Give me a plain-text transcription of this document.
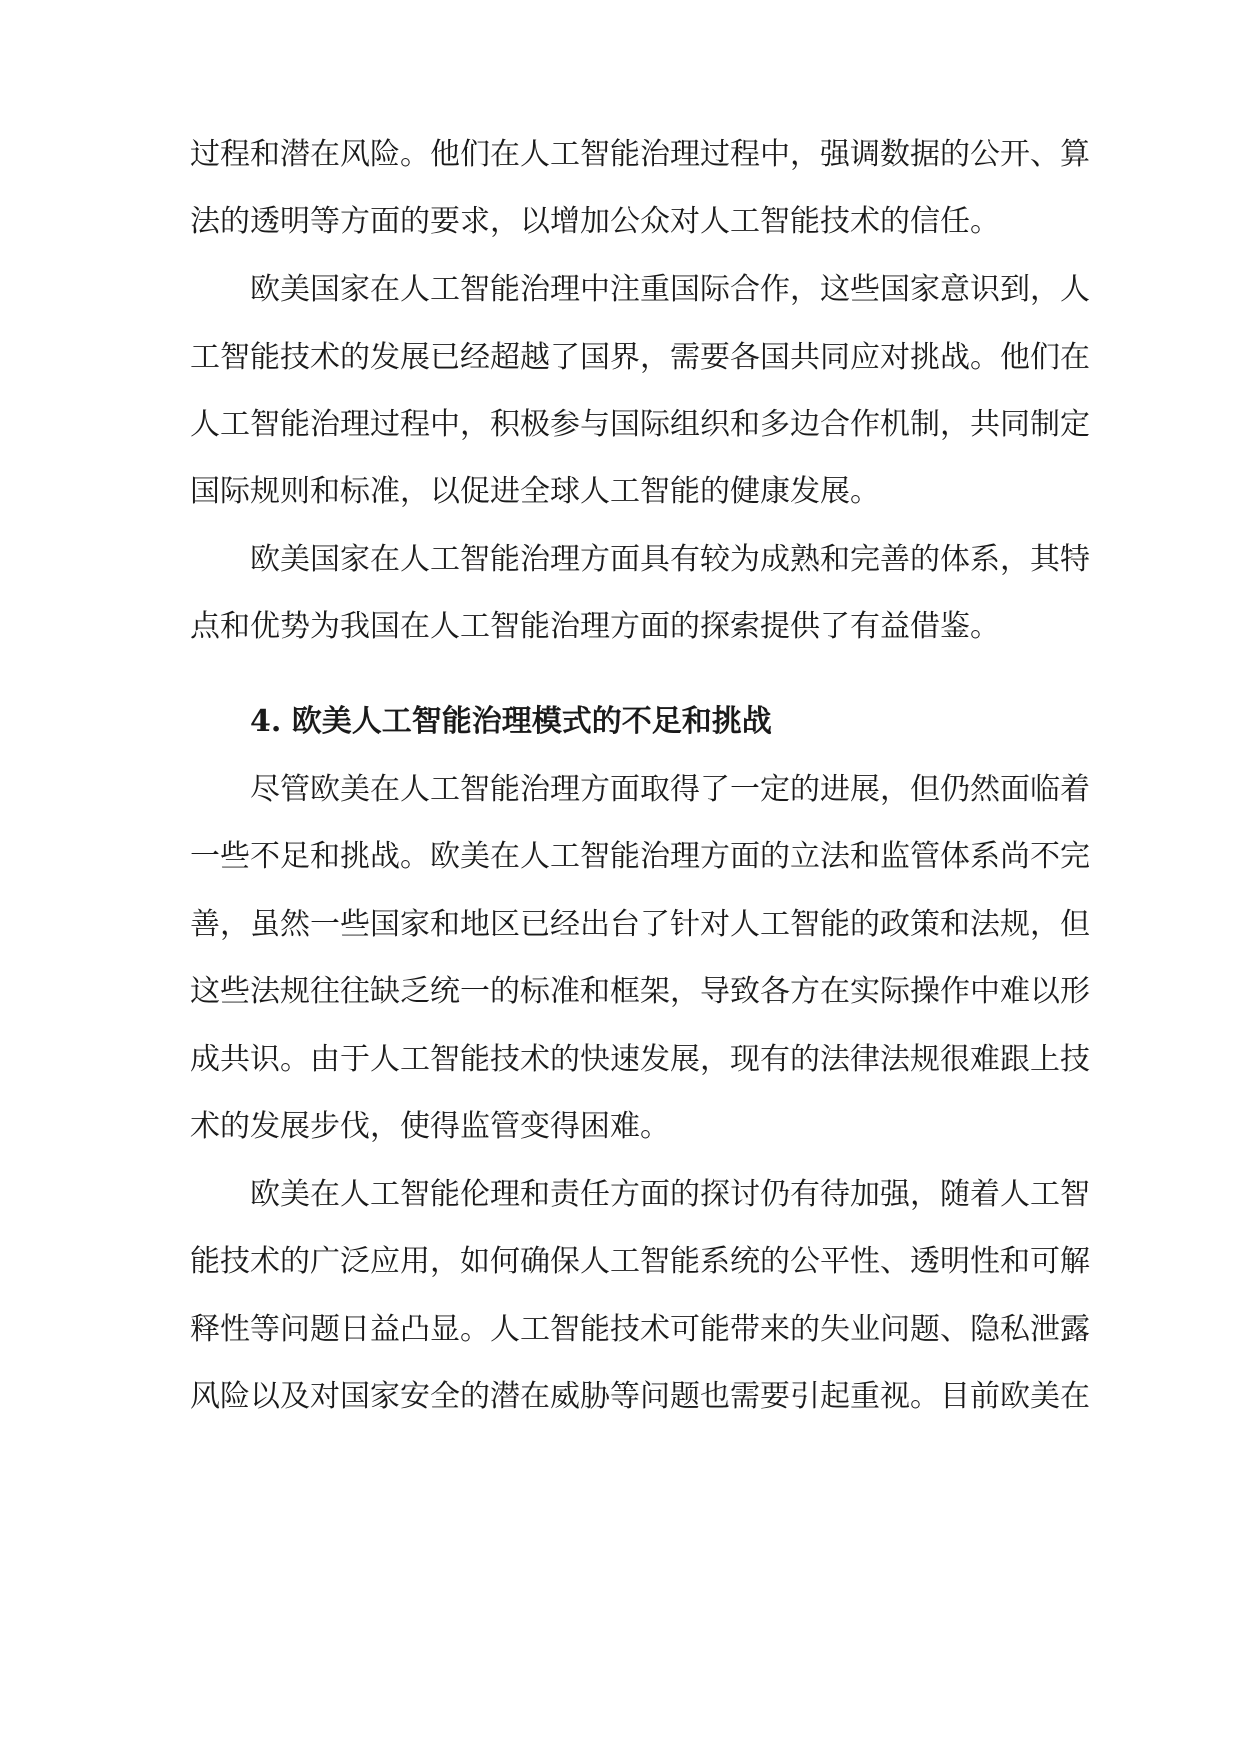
过 程 和 潜 在 风 险 。 他 们 在 人 工 智 能 治 理 过 程 中 ， 强 调 数 据 的 公 开 、 算
法的透明等方面的要求，以增加公众对人工智能技术的信任。
欧 美 国 家 在 人 工 智 能 治 理 中 注 重 国 际 合 作 ， 这 些 国 家 意 识 到 ， 人
工 智 能 技 术 的 发 展 已 经 超 越 了 国 界 ， 需 要 各 国 共 同 应 对 挑 战 。 他 们 在
人 工 智 能 治 理 过 程 中 ， 积 极 参 与 国 际 组 织 和 多 边 合 作 机 制 ， 共 同 制 定
国际规则和标准，以促进全球人工智能的健康发展。
欧 美 国 家 在 人 工 智 能 治 理 方 面 具 有 较 为 成 熟 和 完 善 的 体 系 ， 其 特
点和优势为我国在人工智能治理方面的探索提供了有益借鉴。
4. 欧美人工智能治理模式的不足和挑战
尽 管 欧 美 在 人 工 智 能 治 理 方 面 取 得 了 一 定 的 进 展 ， 但 仍 然 面 临 着
一 些 不 足 和 挑 战 。 欧 美 在 人 工 智 能 治 理 方 面 的 立 法 和 监 管 体 系 尚 不 完
善 ， 虽 然 一 些 国 家 和 地 区 已 经 出 台 了 针 对 人 工 智 能 的 政 策 和 法 规 ， 但
这 些 法 规 往 往 缺 乏 统 一 的 标 准 和 框 架 ， 导 致 各 方 在 实 际 操 作 中 难 以 形
成 共 识 。 由 于 人 工 智 能 技 术 的 快 速 发 展 ， 现 有 的 法 律 法 规 很 难 跟 上 技
术的发展步伐，使得监管变得困难。
欧 美 在 人 工 智 能 伦 理 和 责 任 方 面 的 探 讨 仍 有 待 加 强 ， 随 着 人 工 智
能 技 术 的 广 泛 应 用 ， 如 何 确 保 人 工 智 能 系 统 的 公 平 性 、 透 明 性 和 可 解
释 性 等 问 题 日 益 凸 显 。 人 工 智 能 技 术 可 能 带 来 的 失 业 问 题 、 隐 私 泄 露
风 险 以 及 对 国 家 安 全 的 潜 在 威 胁 等 问 题 也 需 要 引 起 重 视 。 目 前 欧 美 在
